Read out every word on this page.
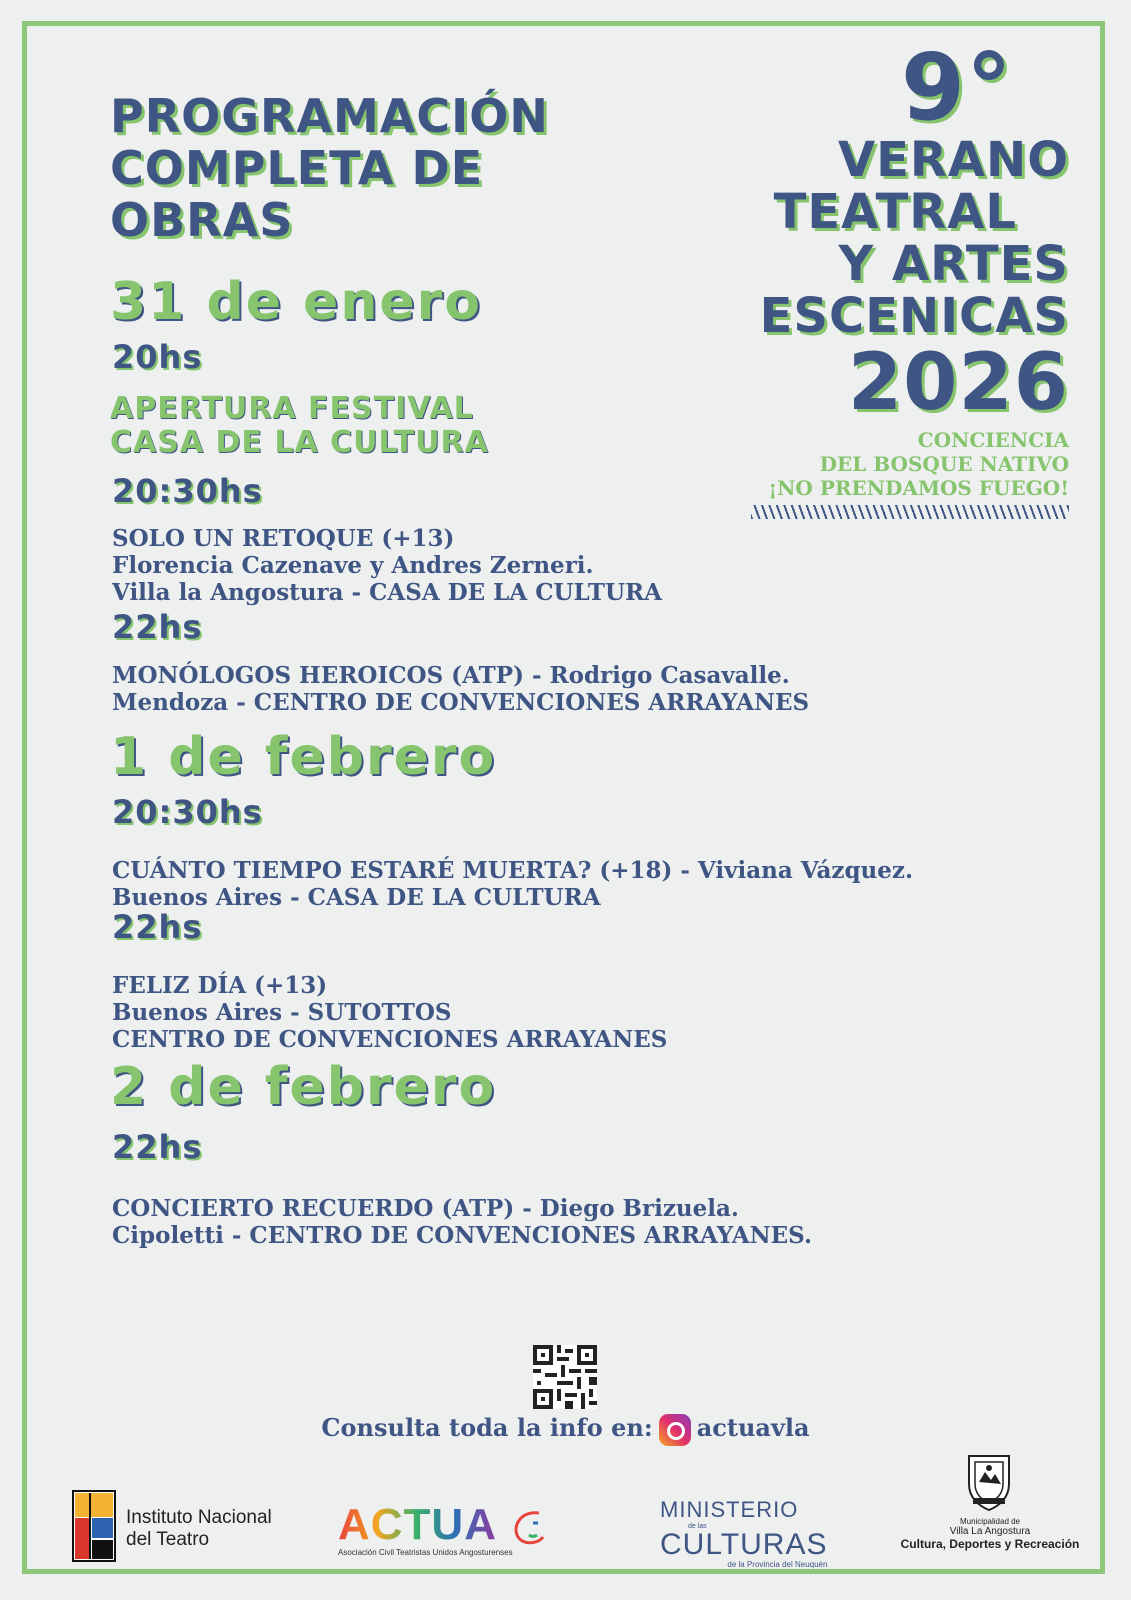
PROGRAMACIÓN
COMPLETA DE
OBRAS
9°
VERANO
TEATRAL
Y ARTES
ESCENICAS
2026
CONCIENCIA
DEL BOSQUE NATIVO
¡NO PRENDAMOS FUEGO!
31 de enero
20hs
APERTURA FESTIVAL
CASA DE LA CULTURA
20:30hs
SOLO UN RETOQUE (+13)
Florencia Cazenave y Andres Zerneri.
Villa la Angostura - CASA DE LA CULTURA
22hs
MONÓLOGOS HEROICOS (ATP) - Rodrigo Casavalle.
Mendoza - CENTRO DE CONVENCIONES ARRAYANES
1 de febrero
20:30hs
CUÁNTO TIEMPO ESTARÉ MUERTA? (+18) - Viviana Vázquez.
Buenos Aires - CASA DE LA CULTURA
22hs
FELIZ DÍA (+13)
Buenos Aires - SUTOTTOS
CENTRO DE CONVENCIONES ARRAYANES
2 de febrero
22hs
CONCIERTO RECUERDO (ATP) - Diego Brizuela.
Cipoletti - CENTRO DE CONVENCIONES ARRAYANES.
Consulta toda la info en: actuavla
Instituto Nacional
del Teatro	ACTUA
Asociación Civil Teatristas Unidos Angosturenses
MINISTERIO
de las
CULTURAS
de la Provincia del Neuquén
Municipalidad de
Villa La Angostura
Cultura, Deportes y Recreación
